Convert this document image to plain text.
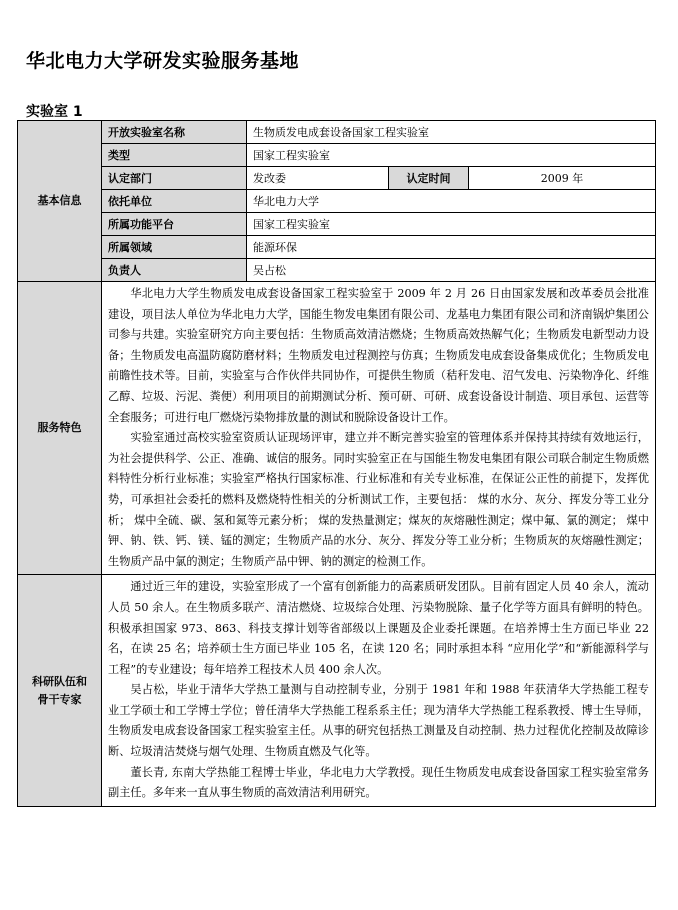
华北电力大学研发实验服务基地
实验室 1
基本信息	开放实验室名称	生物质发电成套设备国家工程实验室		
	类型	国家工程实验室		
	认定部门	发改委	认定时间	2009 年
	依托单位	华北电力大学		
	所属功能平台	国家工程实验室		
	所属领域	能源环保		
	负责人	吴占松		
服务特色	华北电力大学生物质发电成套设备国家工程实验室于 2009 年 2 月 26 日由国家发展和改革委员会批准建设，项目法人单位为华北电力大学，国能生物发电集团有限公司、龙基电力集团有限公司和济南锅炉集团公司参与共建。实验室研究方向主要包括：生物质高效清洁燃烧；生物质高效热解气化；生物质发电新型动力设备；生物质发电高温防腐防磨材料；生物质发电过程测控与仿真；生物质发电成套设备集成优化；生物质发电前瞻性技术等。目前，实验室与合作伙伴共同协作，可提供生物质（秸秆发电、沼气发电、污染物净化、纤维乙醇、垃圾、污泥、粪便）利用项目的前期测试分析、预可研、可研、成套设备设计制造、项目承包、运营等全套服务；可进行电厂燃烧污染物排放量的测试和脱除设备设计工作。

实验室通过高校实验室资质认证现场评审，建立并不断完善实验室的管理体系并保持其持续有效地运行，为社会提供科学、公正、准确、诚信的服务。同时实验室正在与国能生物发电集团有限公司联合制定生物质燃料特性分析行业标准；实验室严格执行国家标准、行业标准和有关专业标准，在保证公正性的前提下，发挥优势，可承担社会委托的燃料及燃烧特性相关的分析测试工作，主要包括： 煤的水分、灰分、挥发分等工业分析； 煤中全硫、碳、氢和氮等元素分析； 煤的发热量测定；煤灰的灰熔融性测定；煤中氟、氯的测定； 煤中钾、钠、铁、钙、镁、锰的测定；生物质产品的水分、灰分、挥发分等工业分析；生物质灰的灰熔融性测定；生物质产品中氯的测定；生物质产品中钾、钠的测定的检测工作。			

科研队伍和骨干专家	通过近三年的建设，实验室形成了一个富有创新能力的高素质研发团队。目前有固定人员 40 余人，流动人员 50 余人。在生物质多联产、清洁燃烧、垃圾综合处理、污染物脱除、量子化学等方面具有鲜明的特色。积极承担国家 973、863、科技支撑计划等省部级以上课题及企业委托课题。在培养博士生方面已毕业 22 名，在读 25 名；培养硕士生方面已毕业 105 名，在读 120 名；同时承担本科 “应用化学”和“新能源科学与工程”的专业建设；每年培养工程技术人员 400 余人次。

吴占松，毕业于清华大学热工量测与自动控制专业，分别于 1981 年和 1988 年获清华大学热能工程专业工学硕士和工学博士学位；曾任清华大学热能工程系系主任；现为清华大学热能工程系教授、博士生导师，生物质发电成套设备国家工程实验室主任。从事的研究包括热工测量及自动控制、热力过程优化控制及故障诊断、垃圾清洁焚烧与烟气处理、生物质直燃及气化等。

董长青, 东南大学热能工程博士毕业，华北电力大学教授。现任生物质发电成套设备国家工程实验室常务副主任。多年来一直从事生物质的高效清洁利用研究。			
